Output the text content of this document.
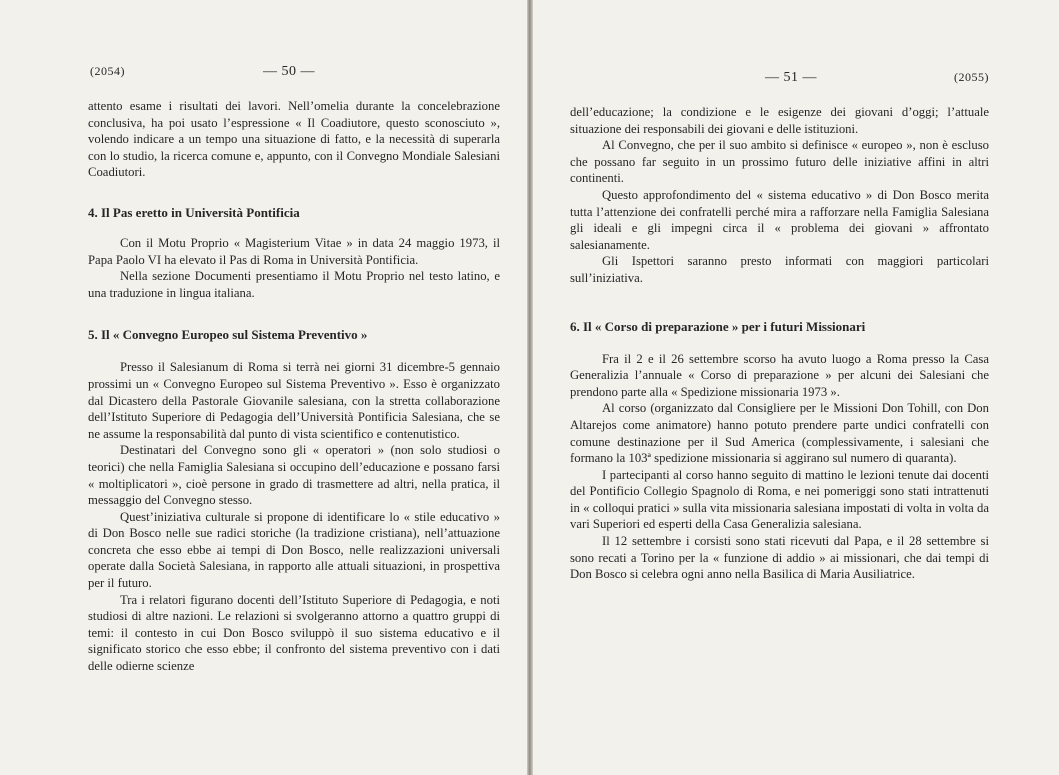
(2054)	— 50 —

attento esame i risultati dei lavori. Nell’omelia durante la concelebrazione conclusiva, ha poi usato l’espressione « Il Coadiutore, questo sconosciuto », volendo indicare a un tempo una situazione di fatto, e la necessità di superarla con lo studio, la ricerca comune e, appunto, con il Convegno Mondiale Salesiani Coadiutori.

4. Il Pas eretto in Università Pontificia

Con il Motu Proprio « Magisterium Vitae » in data 24 maggio 1973, il Papa Paolo VI ha elevato il Pas di Roma in Università Pontificia.

Nella sezione Documenti presentiamo il Motu Proprio nel testo latino, e una traduzione in lingua italiana.

5. Il « Convegno Europeo sul Sistema Preventivo »

Presso il Salesianum di Roma si terrà nei giorni 31 dicembre-5 gennaio prossimi un « Convegno Europeo sul Sistema Preventivo ». Esso è organizzato dal Dicastero della Pastorale Giovanile salesiana, con la stretta collaborazione dell’Istituto Superiore di Pedagogia dell’Università Pontificia Salesiana, che se ne assume la responsabilità dal punto di vista scientifico e contenutistico.

Destinatari del Convegno sono gli « operatori » (non solo studiosi o teorici) che nella Famiglia Salesiana si occupino dell’educazione e possano farsi « moltiplicatori », cioè persone in grado di trasmettere ad altri, nella pratica, il messaggio del Convegno stesso.

Quest’iniziativa culturale si propone di identificare lo « stile educativo » di Don Bosco nelle sue radici storiche (la tradizione cristiana), nell’attuazione concreta che esso ebbe ai tempi di Don Bosco, nelle realizzazioni universali operate dalla Società Salesiana, in rapporto alle attuali situazioni, in prospettiva per il futuro.

Tra i relatori figurano docenti dell’Istituto Superiore di Pedagogia, e noti studiosi di altre nazioni. Le relazioni si svolgeranno attorno a quattro gruppi di temi: il contesto in cui Don Bosco sviluppò il suo sistema educativo e il significato storico che esso ebbe; il confronto del sistema preventivo con i dati delle odierne scienze

— 51 —	(2055)

dell’educazione; la condizione e le esigenze dei giovani d’oggi; l’attuale situazione dei responsabili dei giovani e delle istituzioni.

Al Convegno, che per il suo ambito si definisce « europeo », non è escluso che possano far seguito in un prossimo futuro delle iniziative affini in altri continenti.

Questo approfondimento del « sistema educativo » di Don Bosco merita tutta l’attenzione dei confratelli perché mira a rafforzare nella Famiglia Salesiana gli ideali e gli impegni circa il « problema dei giovani » affrontato salesianamente.

Gli Ispettori saranno presto informati con maggiori particolari sull’iniziativa.

6. Il « Corso di preparazione » per i futuri Missionari

Fra il 2 e il 26 settembre scorso ha avuto luogo a Roma presso la Casa Generalizia l’annuale « Corso di preparazione » per alcuni dei Salesiani che prendono parte alla « Spedizione missionaria 1973 ».

Al corso (organizzato dal Consigliere per le Missioni Don Tohill, con Don Altarejos come animatore) hanno potuto prendere parte undici confratelli con comune destinazione per il Sud America (complessivamente, i salesiani che formano la 103ª spedizione missionaria si aggirano sul numero di quaranta).

I partecipanti al corso hanno seguito di mattino le lezioni tenute dai docenti del Pontificio Collegio Spagnolo di Roma, e nei pomeriggi sono stati intrattenuti in « colloqui pratici » sulla vita missionaria salesiana impostati di volta in volta da vari Superiori ed esperti della Casa Generalizia salesiana.

Il 12 settembre i corsisti sono stati ricevuti dal Papa, e il 28 settembre si sono recati a Torino per la « funzione di addio » ai missionari, che dai tempi di Don Bosco si celebra ogni anno nella Basilica di Maria Ausiliatrice.
